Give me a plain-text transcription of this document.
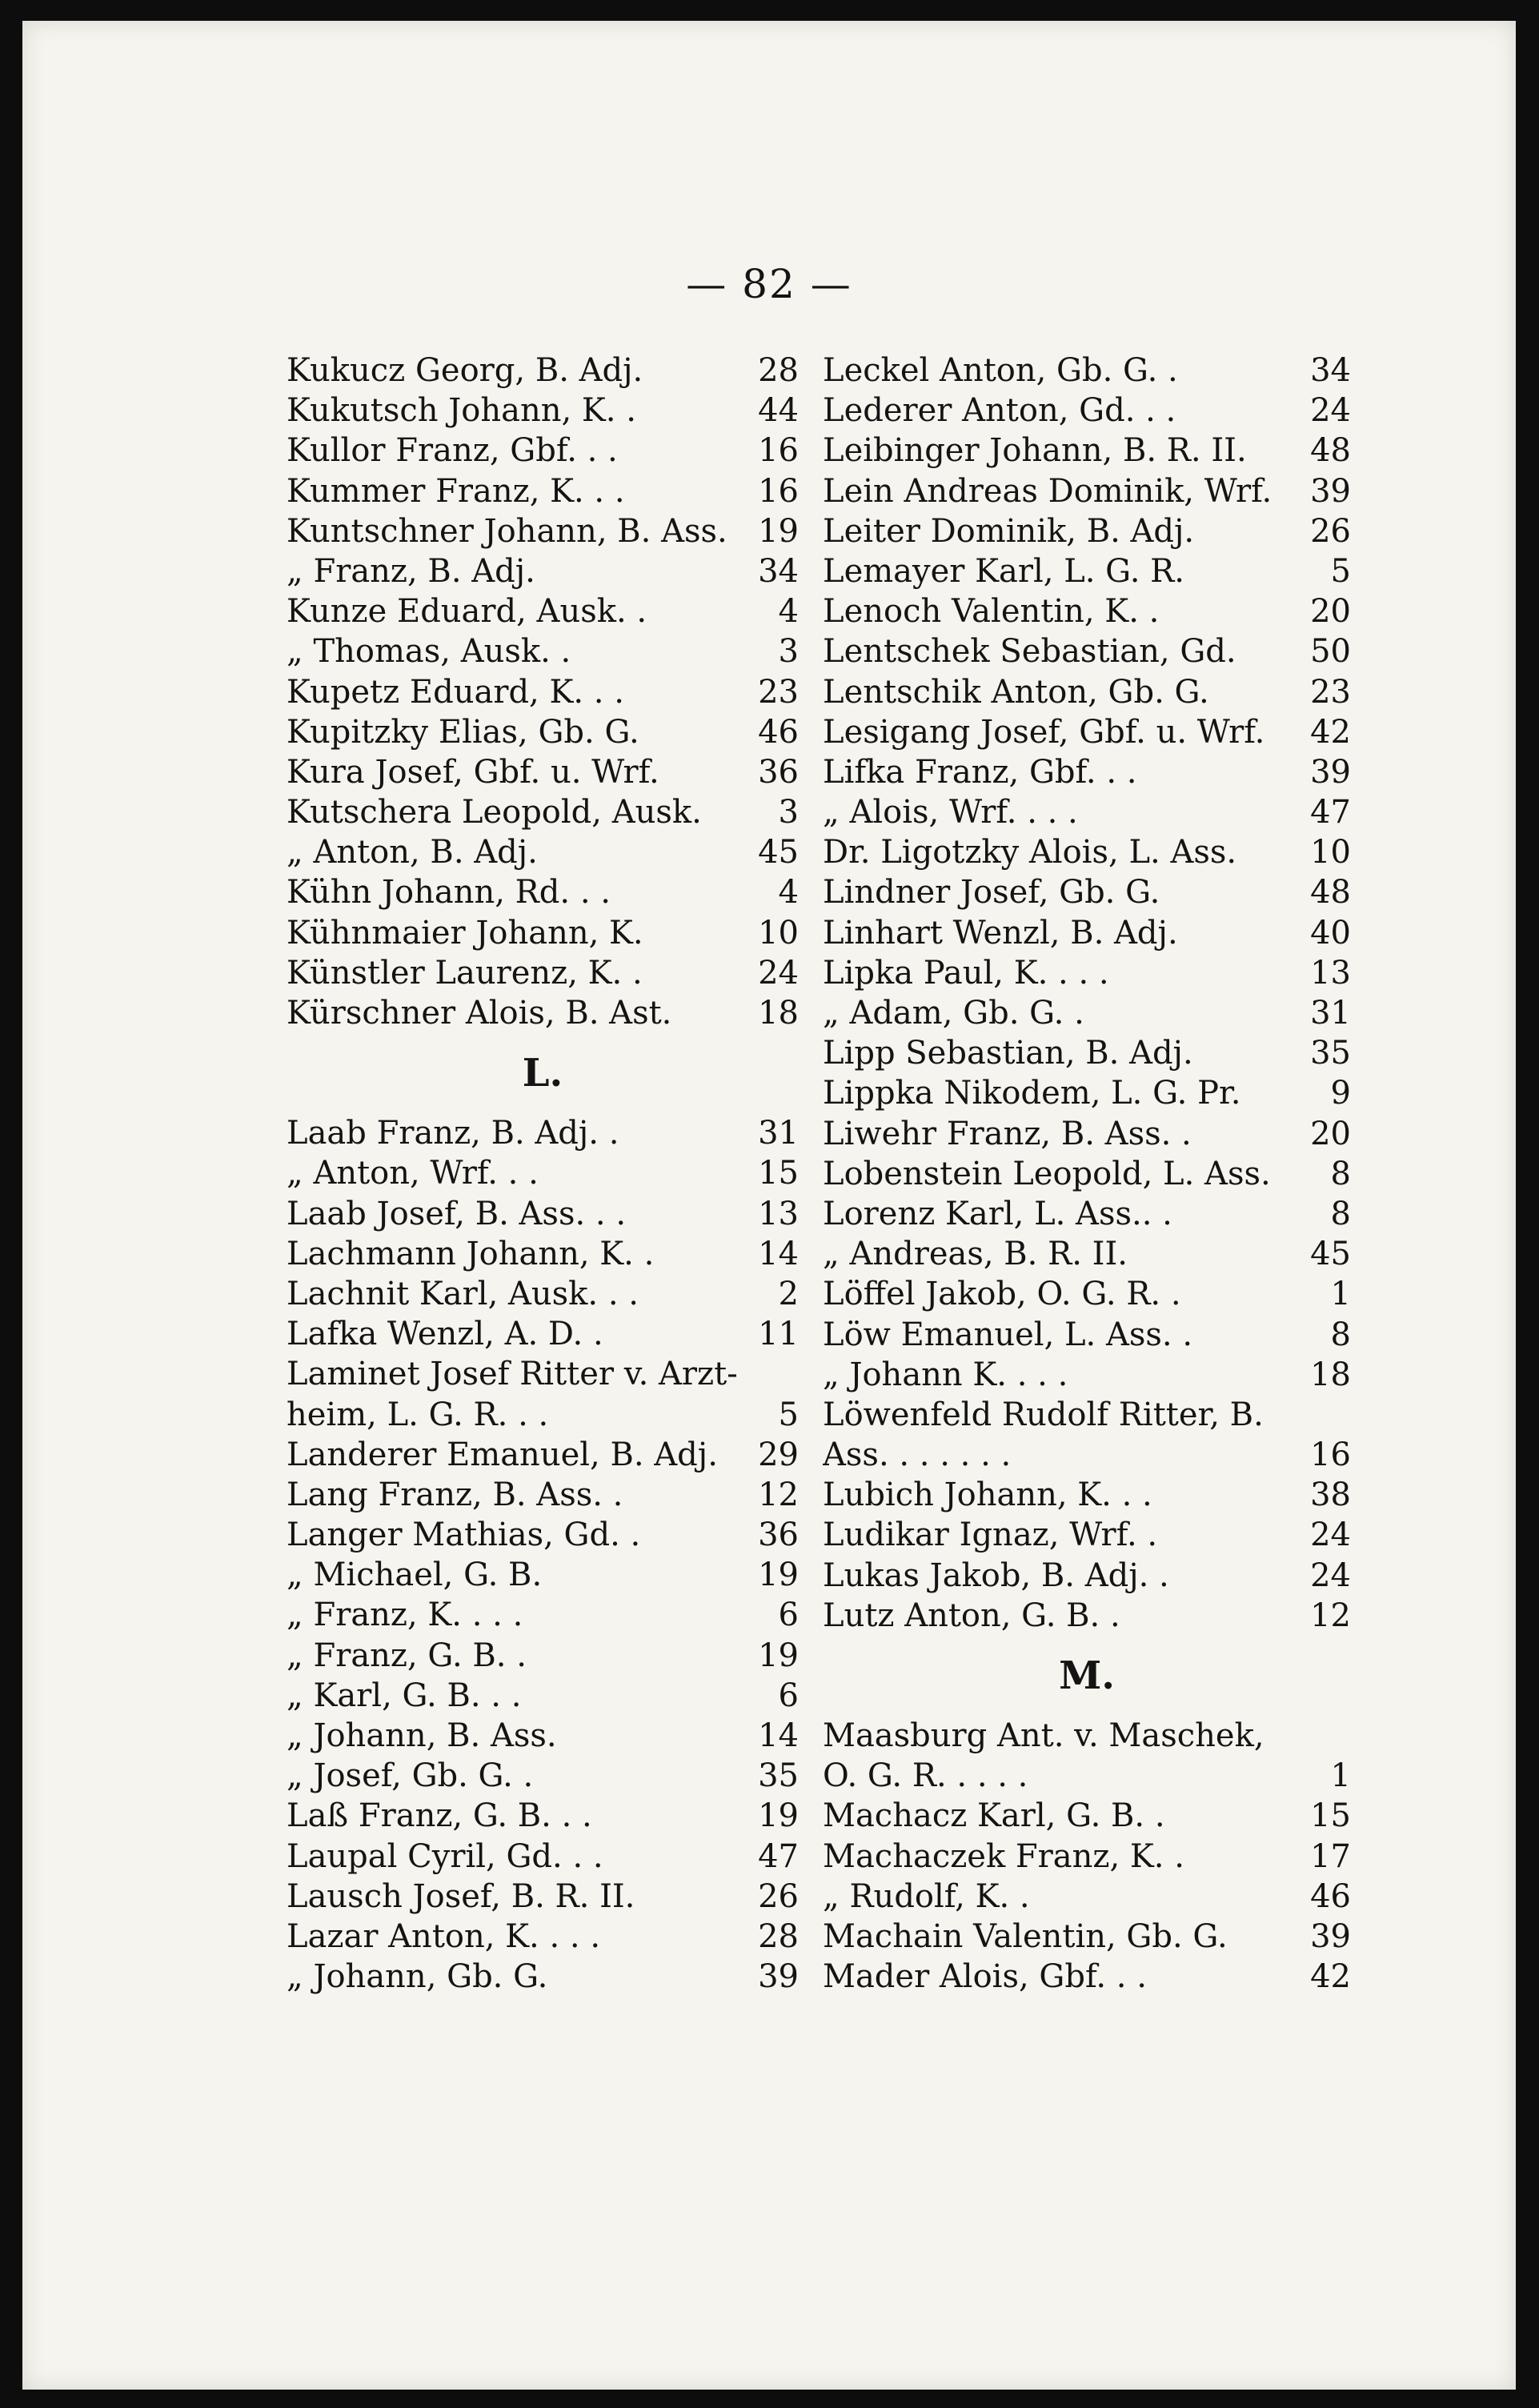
— 82 —
Kukucz Georg, B. Adj.	28
Kukutsch Johann, K. .	44
Kullor Franz, Gbf. . .	16
Kummer Franz, K. . .	16
Kuntschner Johann, B. Ass. 19
„ Franz, B. Adj.	34
Kunze Eduard, Ausk. .	4
„ Thomas, Ausk. .	3
Kupetz Eduard, K. . .	23
Kupitzky Elias, Gb. G.	46
Kura Josef, Gbf. u. Wrf.	36
Kutschera Leopold, Ausk.	3
„ Anton, B. Adj.	45
Kühn Johann, Rd. . .	4
Kühnmaier Johann, K.	10
Künstler Laurenz, K. .	24
Kürschner Alois, B. Ast.	18
L.
Laab Franz, B. Adj. .	31
„ Anton, Wrf. . .	15
Laab Josef, B. Ass. . .	13
Lachmann Johann, K. .	14
Lachnit Karl, Ausk. . .	2
Lafka Wenzl, A. D. .	11
Laminet Josef Ritter v. Arzt-
heim, L. G. R. . .	5
Landerer Emanuel, B. Adj.	29
Lang Franz, B. Ass. .	12
Langer Mathias, Gd. .	36
„ Michael, G. B.	19
„ Franz, K. . . .	6
„ Franz, G. B. .	19
„ Karl, G. B. . .	6
„ Johann, B. Ass.	14
„ Josef, Gb. G. .	35
Laß Franz, G. B. . .	19
Laupal Cyril, Gd. . .	47
Lausch Josef, B. R. II.	26
Lazar Anton, K. . . .	28
„ Johann, Gb. G.	39
Leckel Anton, Gb. G. .	34
Lederer Anton, Gd. . .	24
Leibinger Johann, B. R. II.	48
Lein Andreas Dominik, Wrf.	39
Leiter Dominik, B. Adj.	26
Lemayer Karl, L. G. R.	5
Lenoch Valentin, K. .	20
Lentschek Sebastian, Gd.	50
Lentschik Anton, Gb. G.	23
Lesigang Josef, Gbf. u. Wrf.	42
Lifka Franz, Gbf. . .	39
„ Alois, Wrf. . . .	47
Dr. Ligotzky Alois, L. Ass.	10
Lindner Josef, Gb. G.	48
Linhart Wenzl, B. Adj.	40
Lipka Paul, K. . . .	13
„ Adam, Gb. G. .	31
Lipp Sebastian, B. Adj.	35
Lippka Nikodem, L. G. Pr.	9
Liwehr Franz, B. Ass. .	20
Lobenstein Leopold, L. Ass.	8
Lorenz Karl, L. Ass.. .	8
„ Andreas, B. R. II.	45
Löffel Jakob, O. G. R. .	1
Löw Emanuel, L. Ass. .	8
„ Johann K. . . .	18
Löwenfeld Rudolf Ritter, B.
Ass. . . . . . .	16
Lubich Johann, K. . .	38
Ludikar Ignaz, Wrf. .	24
Lukas Jakob, B. Adj. .	24
Lutz Anton, G. B. .	12
M.
Maasburg Ant. v. Maschek,
O. G. R. . . . .	1
Machacz Karl, G. B. .	15
Machaczek Franz, K. .	17
„ Rudolf, K. .	46
Machain Valentin, Gb. G.	39
Mader Alois, Gbf. . .	42
